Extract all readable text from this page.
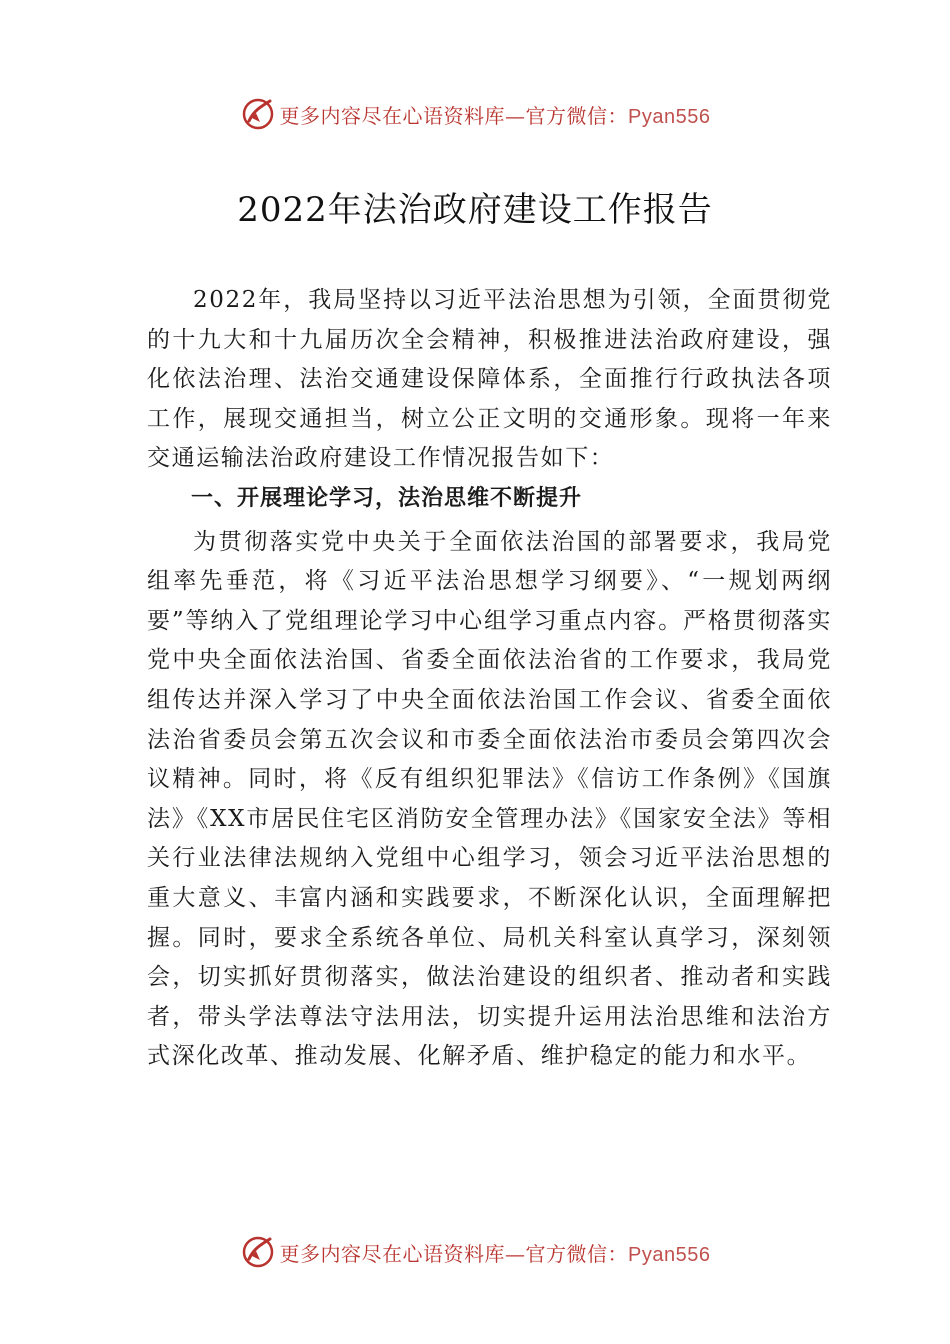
更多内容尽在心语资料库—官方微信：Pyan556
2022年法治政府建设工作报告

2022年，我局坚持以习近平法治思想为引领，全面贯彻党的十九大和十九届历次全会精神，积极推进法治政府建设，强化依法治理、法治交通建设保障体系，全面推行行政执法各项工作，展现交通担当，树立公正文明的交通形象。现将一年来交通运输法治政府建设工作情况报告如下：

一、开展理论学习，法治思维不断提升

为贯彻落实党中央关于全面依法治国的部署要求，我局党组率先垂范，将《习近平法治思想学习纲要》、“一规划两纲要”等纳入了党组理论学习中心组学习重点内容。严格贯彻落实党中央全面依法治国、省委全面依法治省的工作要求，我局党组传达并深入学习了中央全面依法治国工作会议、省委全面依法治省委员会第五次会议和市委全面依法治市委员会第四次会议精神。同时，将《反有组织犯罪法》《信访工作条例》《国旗法》《XX市居民住宅区消防安全管理办法》《国家安全法》等相关行业法律法规纳入党组中心组学习，领会习近平法治思想的重大意义、丰富内涵和实践要求，不断深化认识，全面理解把握。同时，要求全系统各单位、局机关科室认真学习，深刻领会，切实抓好贯彻落实，做法治建设的组织者、推动者和实践者，带头学法尊法守法用法，切实提升运用法治思维和法治方式深化改革、推动发展、化解矛盾、维护稳定的能力和水平。

更多内容尽在心语资料库—官方微信：Pyan556
